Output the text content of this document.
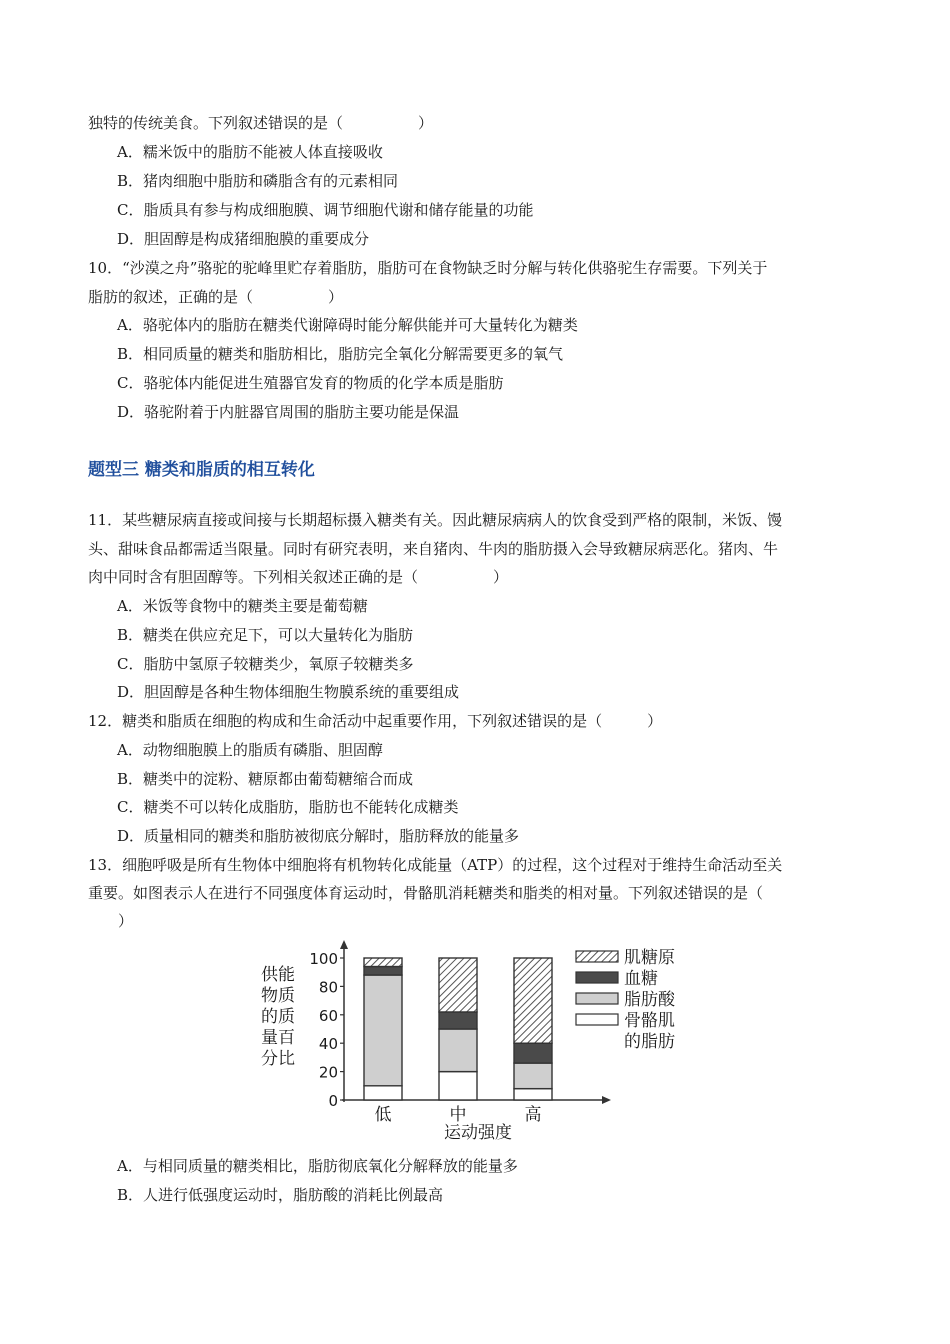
独特的传统美食。下列叙述错误的是（　　　　　）
A．糯米饭中的脂肪不能被人体直接吸收
B．猪肉细胞中脂肪和磷脂含有的元素相同
C．脂质具有参与构成细胞膜、调节细胞代谢和储存能量的功能
D．胆固醇是构成猪细胞膜的重要成分
10．“沙漠之舟”骆驼的驼峰里贮存着脂肪，脂肪可在食物缺乏时分解与转化供骆驼生存需要。下列关于
脂肪的叙述，正确的是（　　　　　）
A．骆驼体内的脂肪在糖类代谢障碍时能分解供能并可大量转化为糖类
B．相同质量的糖类和脂肪相比，脂肪完全氧化分解需要更多的氧气
C．骆驼体内能促进生殖器官发育的物质的化学本质是脂肪
D．骆驼附着于内脏器官周围的脂肪主要功能是保温
题型三 糖类和脂质的相互转化
11．某些糖尿病直接或间接与长期超标摄入糖类有关。因此糖尿病病人的饮食受到严格的限制，米饭、馒
头、甜味食品都需适当限量。同时有研究表明，来自猪肉、牛肉的脂肪摄入会导致糖尿病恶化。猪肉、牛
肉中同时含有胆固醇等。下列相关叙述正确的是（　　　　　）
A．米饭等食物中的糖类主要是葡萄糖
B．糖类在供应充足下，可以大量转化为脂肪
C．脂肪中氢原子较糖类少，氧原子较糖类多
D．胆固醇是各种生物体细胞生物膜系统的重要组成
12．糖类和脂质在细胞的构成和生命活动中起重要作用，下列叙述错误的是（　　　）
A．动物细胞膜上的脂质有磷脂、胆固醇
B．糖类中的淀粉、糖原都由葡萄糖缩合而成
C．糖类不可以转化成脂肪，脂肪也不能转化成糖类
D．质量相同的糖类和脂肪被彻底分解时，脂肪释放的能量多
13．细胞呼吸是所有生物体中细胞将有机物转化成能量（ATP）的过程，这个过程对于维持生命活动至关
重要。如图表示人在进行不同强度体育运动时，骨骼肌消耗糖类和脂类的相对量。下列叙述错误的是（
　　）
供能
物质
的质
量百
分比
0
20
40
60
80
100
低	中	高
运动强度
肌糖原
血糖
脂肪酸
骨骼肌
的脂肪
A．与相同质量的糖类相比，脂肪彻底氧化分解释放的能量多
B．人进行低强度运动时，脂肪酸的消耗比例最高
